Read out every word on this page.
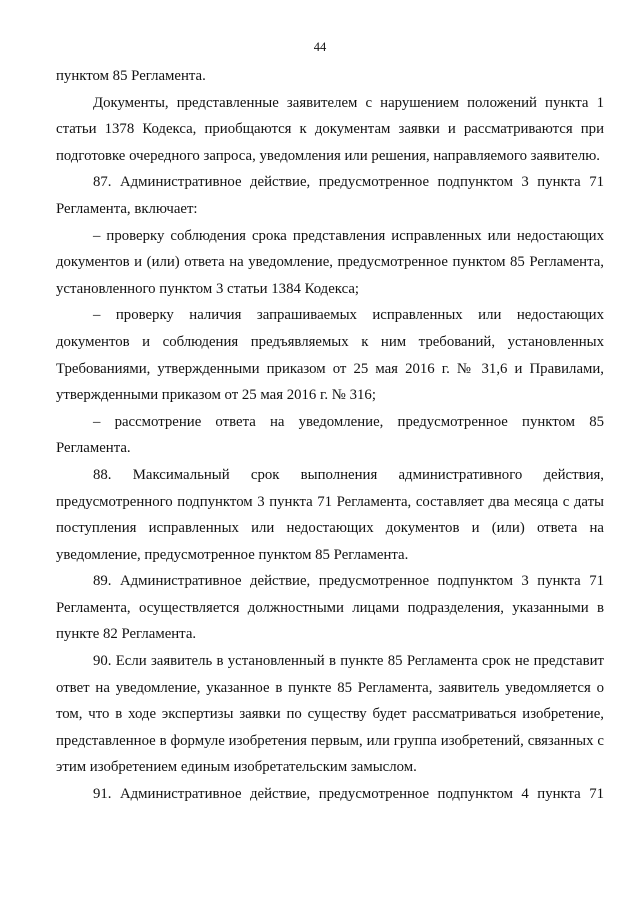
44

пунктом 85 Регламента.

Документы, представленные заявителем с нарушением положений пункта 1 статьи 1378 Кодекса, приобщаются к документам заявки и рассматриваются при подготовке очередного запроса, уведомления или решения, направляемого заявителю.

87. Административное действие, предусмотренное подпунктом 3 пункта 71 Регламента, включает:

– проверку соблюдения срока представления исправленных или недостающих документов и (или) ответа на уведомление, предусмотренное пунктом 85 Регламента, установленного пунктом 3 статьи 1384 Кодекса;

– проверку наличия запрашиваемых исправленных или недостающих документов и соблюдения предъявляемых к ним требований, установленных Требованиями, утвержденными приказом от 25 мая 2016 г. № 31,6 и Правилами, утвержденными приказом от 25 мая 2016 г. № 316;

– рассмотрение ответа на уведомление, предусмотренное пунктом 85 Регламента.

88. Максимальный срок выполнения административного действия, предусмотренного подпунктом 3 пункта 71 Регламента, составляет два месяца с даты поступления исправленных или недостающих документов и (или) ответа на уведомление, предусмотренное пунктом 85 Регламента.

89. Административное действие, предусмотренное подпунктом 3 пункта 71 Регламента, осуществляется должностными лицами подразделения, указанными в пункте 82 Регламента.

90. Если заявитель в установленный в пункте 85 Регламента срок не представит ответ на уведомление, указанное в пункте 85 Регламента, заявитель уведомляется о том, что в ходе экспертизы заявки по существу будет рассматриваться изобретение, представленное в формуле изобретения первым, или группа изобретений, связанных с этим изобретением единым изобретательским замыслом.

91. Административное действие, предусмотренное подпунктом 4 пункта 71
